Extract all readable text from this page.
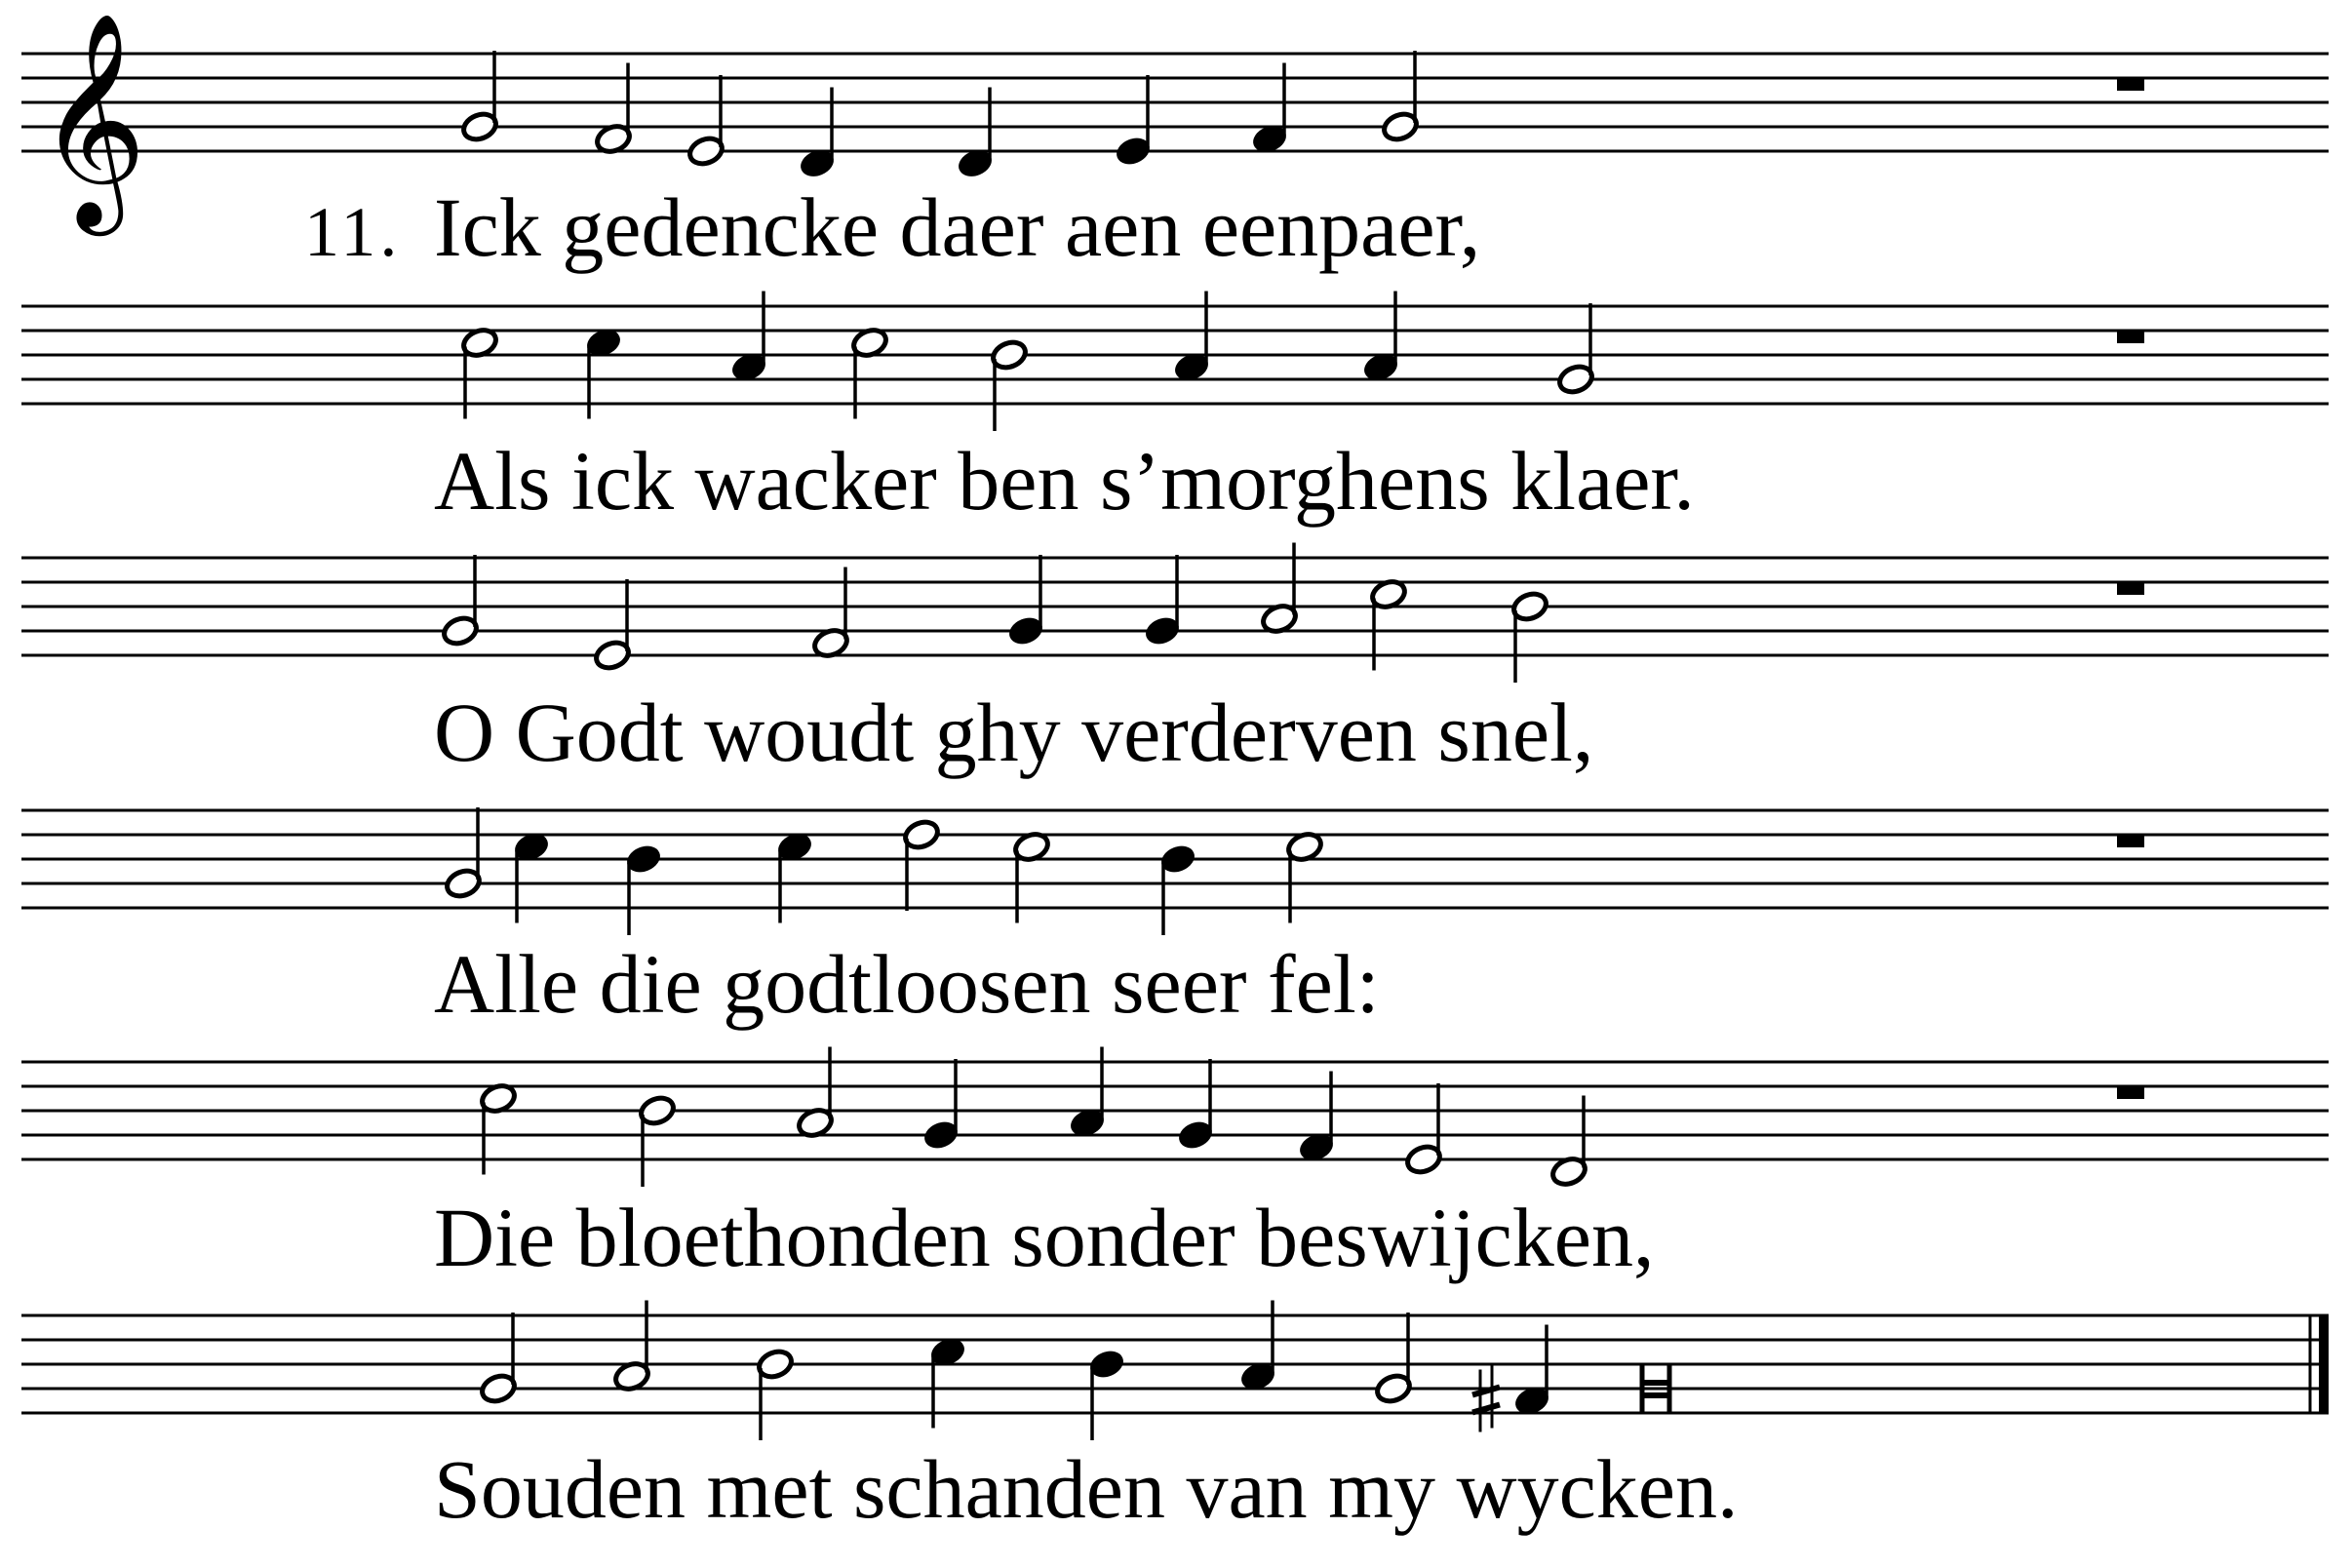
𝄞
11. Ick gedencke daer aen eenpaer,
Als ick wacker ben s’morghens klaer.
O Godt woudt ghy verderven snel,
Alle die godtloosen seer fel:
Die bloethonden sonder beswijcken,
Souden met schanden van my wycken.
